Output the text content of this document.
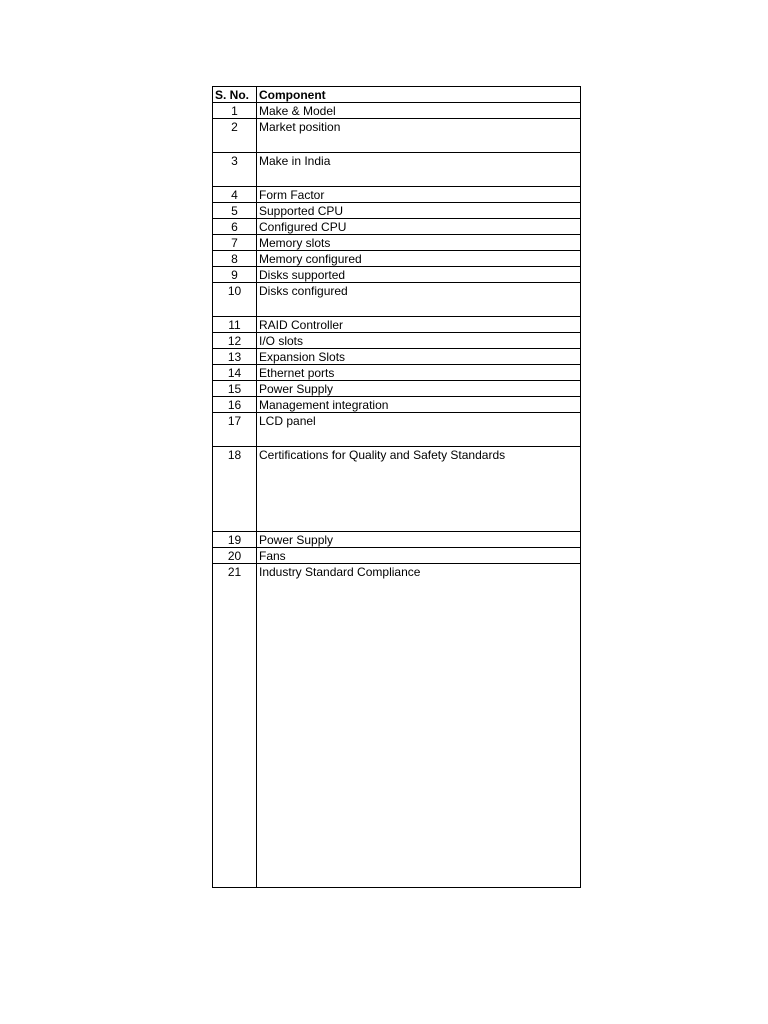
S. No.	Component
1	Make & Model
2	Market position
3	Make in India
4	Form Factor
5	Supported CPU
6	Configured CPU
7	Memory slots
8	Memory configured
9	Disks supported
10	Disks configured
11	RAID Controller
12	I/O slots
13	Expansion Slots
14	Ethernet ports
15	Power Supply
16	Management integration
17	LCD panel
18	Certifications for Quality and Safety Standards
19	Power Supply
20	Fans
21	Industry Standard Compliance
